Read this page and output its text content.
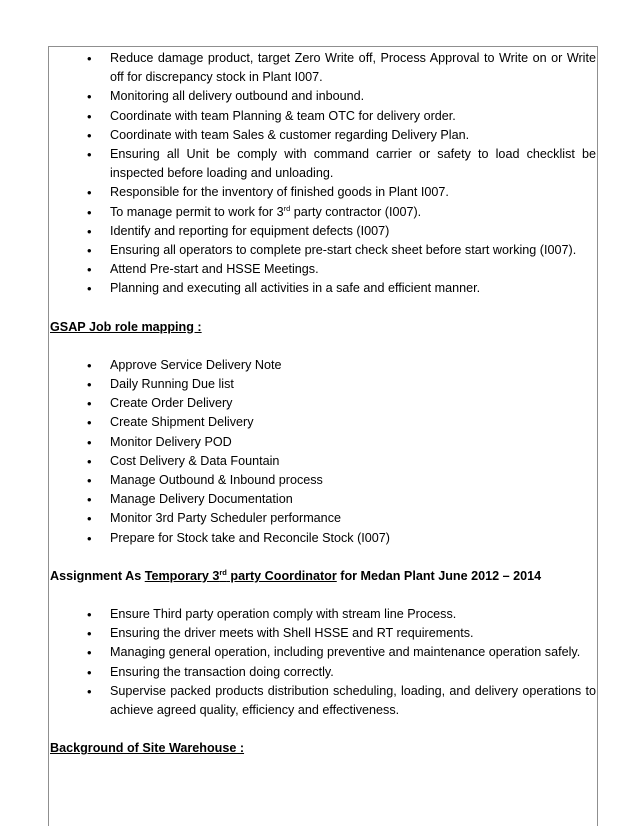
• Reduce damage product, target Zero Write off, Process Approval to Write on or Write off for discrepancy stock in Plant I007.
• Monitoring all delivery outbound and inbound.
• Coordinate with team Planning & team OTC for delivery order.
• Coordinate with team Sales & customer regarding Delivery Plan.
• Ensuring all Unit be comply with command carrier or safety to load checklist be inspected before loading and unloading.
• Responsible for the inventory of finished goods in Plant I007.
• To manage permit to work for 3rd party contractor (I007).
• Identify and reporting for equipment defects (I007)
• Ensuring all operators to complete pre-start check sheet before start working (I007).
• Attend Pre-start and HSSE Meetings.
• Planning and executing all activities in a safe and efficient manner.
GSAP Job role mapping :
• Approve Service Delivery Note
• Daily Running Due list
• Create Order Delivery
• Create Shipment Delivery
• Monitor Delivery POD
• Cost Delivery & Data Fountain
• Manage Outbound & Inbound process
• Manage Delivery Documentation
• Monitor 3rd Party Scheduler performance
• Prepare for Stock take and Reconcile Stock (I007)
Assignment As Temporary 3rd party Coordinator for Medan Plant June 2012 – 2014
• Ensure Third party operation comply with stream line Process.
• Ensuring the driver meets with Shell HSSE and RT requirements.
• Managing general operation, including preventive and maintenance operation safely.
• Ensuring the transaction doing correctly.
• Supervise packed products distribution scheduling, loading, and delivery operations to achieve agreed quality, efficiency and effectiveness.
Background of Site Warehouse :
